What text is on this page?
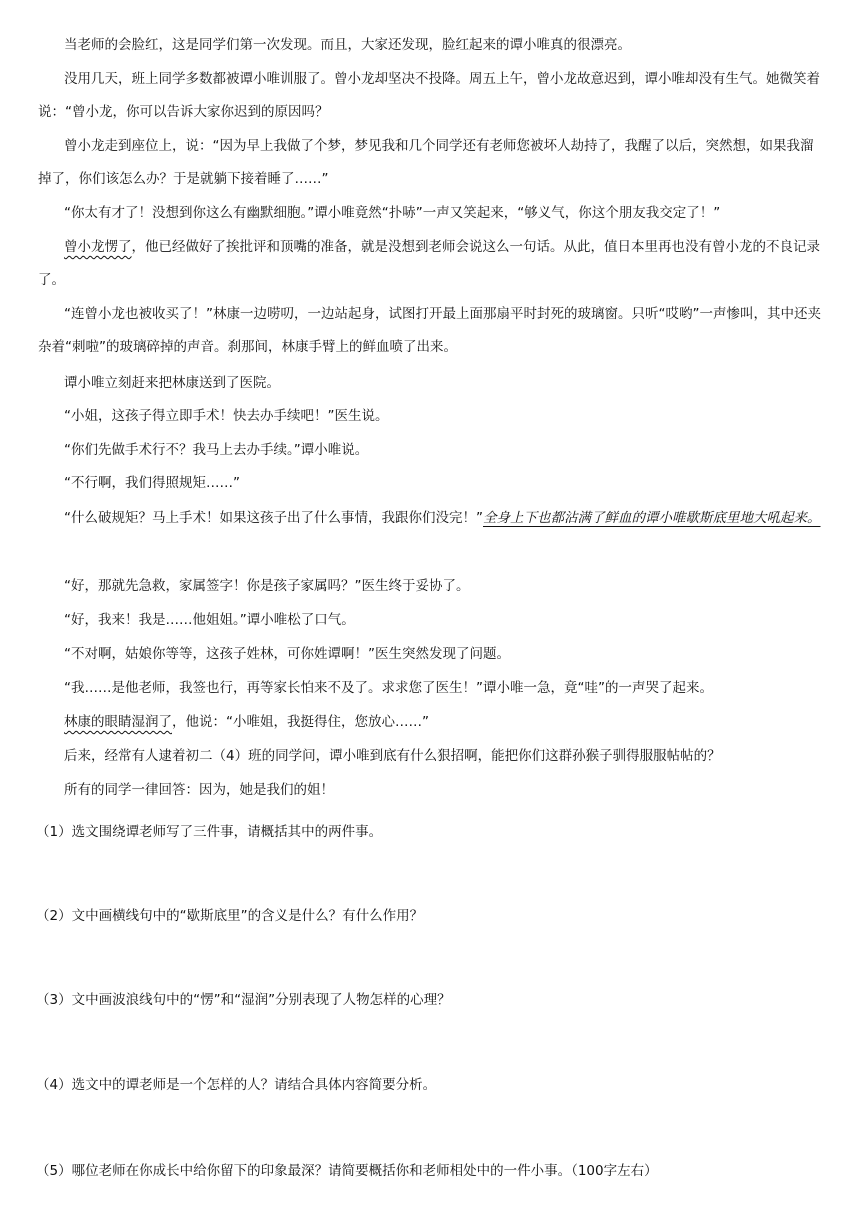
当老师的会脸红，这是同学们第一次发现。而且，大家还发现，脸红起来的谭小唯真的很漂亮。

没用几天，班上同学多数都被谭小唯训服了。曾小龙却坚决不投降。周五上午，曾小龙故意迟到，谭小唯却没有生气。她微笑着说：“曾小龙，你可以告诉大家你迟到的原因吗？

曾小龙走到座位上，说：“因为早上我做了个梦，梦见我和几个同学还有老师您被坏人劫持了，我醒了以后，突然想，如果我溜掉了，你们该怎么办？于是就躺下接着睡了……”

“你太有才了！没想到你这么有幽默细胞。”谭小唯竟然“扑哧”一声又笑起来，“够义气，你这个朋友我交定了！”

曾小龙愣了，他已经做好了挨批评和顶嘴的准备，就是没想到老师会说这么一句话。从此，值日本里再也没有曾小龙的不良记录了。

“连曾小龙也被收买了！”林康一边唠叨，一边站起身，试图打开最上面那扇平时封死的玻璃窗。只听“哎哟”一声惨叫，其中还夹杂着“刺啦”的玻璃碎掉的声音。刹那间，林康手臂上的鲜血喷了出来。

谭小唯立刻赶来把林康送到了医院。

“小姐，这孩子得立即手术！快去办手续吧！”医生说。

“你们先做手术行不？我马上去办手续。”谭小唯说。

“不行啊，我们得照规矩……”

“什么破规矩？马上手术！如果这孩子出了什么事情，我跟你们没完！”全身上下也都沾满了鲜血的谭小唯歇斯底里地大吼起来。

“好，那就先急救，家属签字！你是孩子家属吗？”医生终于妥协了。

“好，我来！我是……他姐姐。”谭小唯松了口气。

“不对啊，姑娘你等等，这孩子姓林，可你姓谭啊！”医生突然发现了问题。

“我……是他老师，我签也行，再等家长怕来不及了。求求您了医生！”谭小唯一急，竟“哇”的一声哭了起来。

林康的眼睛湿润了，他说：“小唯姐，我挺得住，您放心……”

后来，经常有人逮着初二（4）班的同学问，谭小唯到底有什么狠招啊，能把你们这群孙猴子驯得服服帖帖的？

所有的同学一律回答：因为，她是我们的姐！

（1）选文围绕谭老师写了三件事，请概括其中的两件事。

（2）文中画横线句中的“歇斯底里”的含义是什么？有什么作用？

（3）文中画波浪线句中的“愣”和“湿润”分别表现了人物怎样的心理？

（4）选文中的谭老师是一个怎样的人？请结合具体内容简要分析。

（5）哪位老师在你成长中给你留下的印象最深？请简要概括你和老师相处中的一件小事。（100字左右）
